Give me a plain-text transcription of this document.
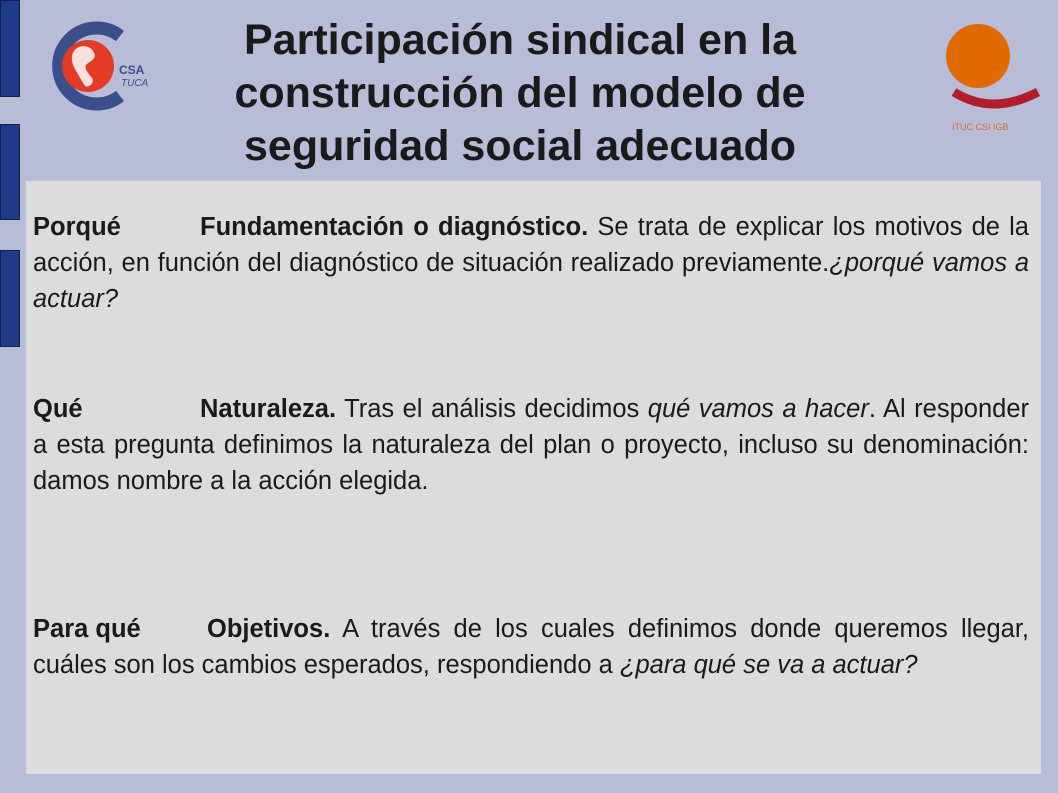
CSA
TUCA
Participación sindical en la
construcción del modelo de
seguridad social adecuado	ITUC CSI IGB
Porqué	Fundamentación o diagnóstico. Se trata de explicar los motivos de la acción, en función del diagnóstico de situación realizado previamente.¿porqué vamos a actuar?
Qué	Naturaleza. Tras el análisis decidimos qué vamos a hacer. Al responder a esta pregunta definimos la naturaleza del plan o proyecto, incluso su denominación: damos nombre a la acción elegida.
Para qué	Objetivos. A través de los cuales definimos donde queremos llegar, cuáles son los cambios esperados, respondiendo a ¿para qué se va a actuar?
